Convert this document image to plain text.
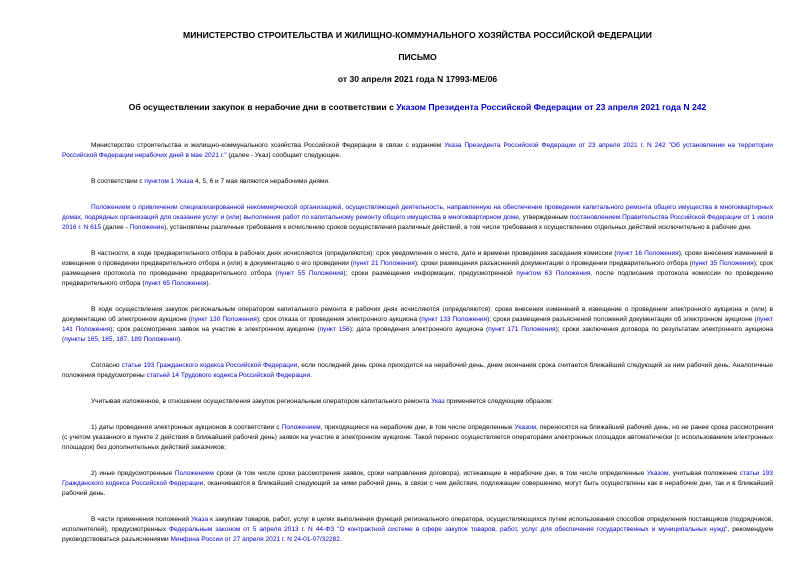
МИНИСТЕРСТВО СТРОИТЕЛЬСТВА И ЖИЛИЩНО-КОММУНАЛЬНОГО ХОЗЯЙСТВА РОССИЙСКОЙ ФЕДЕРАЦИИ

ПИСЬМО

от 30 апреля 2021 года N 17993-МЕ/06

Об осуществлении закупок в нерабочие дни в соответствии с Указом Президента Российской Федерации от 23 апреля 2021 года N 242

Министерство строительства и жилищно-коммунального хозяйства Российской Федерации в связи с изданием Указа Президента Российской Федерации от 23 апреля 2021 г. N 242 "Об установлении на территории Российской Федерации нерабочих дней в мае 2021 г." (далее - Указ) сообщает следующее.

В соответствии с пунктом 1 Указа 4, 5, 6 и 7 мая являются нерабочими днями.

Положением о привлечении специализированной некоммерческой организацией, осуществляющей деятельность, направленную на обеспечение проведения капитального ремонта общего имущества в многоквартирных домах, подрядных организаций для оказания услуг и (или) выполнения работ по капитальному ремонту общего имущества в многоквартирном доме, утвержденным постановлением Правительства Российской Федерации от 1 июля 2016 г. N 615 (далее - Положение), установлены различные требования к исчислению сроков осуществления различных действий, в том числе требования к осуществлению отдельных действий исключительно в рабочие дни.

В частности, в ходе предварительного отбора в рабочих днях исчисляются (определяются): срок уведомления о месте, дате и времени проведения заседания комиссии (пункт 16 Положения); сроки внесения изменений в извещение о проведении предварительного отбора и (или) в документацию о его проведении (пункт 21 Положения); сроки размещения разъяснений документации о проведении предварительного отбора (пункт 35 Положения); срок размещения протокола по проведению предварительного отбора (пункт 55 Положения); сроки размещения информации, предусмотренной пунктом 63 Положения, после подписания протокола комиссии по проведению предварительного отбора (пункт 65 Положения).

В ходе осуществления закупок региональным оператором капитального ремонта в рабочих днях исчисляются (определяются): сроки внесения изменений в извещение о проведении электронного аукциона и (или) в документацию об электронном аукционе (пункт 130 Положения); срок отказа от проведения электронного аукциона (пункт 133 Положения); сроки размещения разъяснений положений документации об электронном аукционе (пункт 141 Положения); срок рассмотрения заявок на участие в электронном аукционе (пункт 156); дата проведения электронного аукциона (пункт 171 Положения); сроки заключения договора по результатам электронного аукциона (пункты 165, 185, 187, 189 Положения).

Согласно статье 193 Гражданского кодекса Российской Федерации, если последний день срока приходится на нерабочий день, днем окончания срока считается ближайший следующий за ним рабочий день. Аналогичные положения предусмотрены статьей 14 Трудового кодекса Российской Федерации.

Учитывая изложенное, в отношении осуществления закупок региональным оператором капитального ремонта Указ применяется следующим образом:

1) даты проведения электронных аукционов в соответствии с Положением, приходящиеся на нерабочие дни, в том числе определенные Указом, переносятся на ближайший рабочий день, но не ранее срока рассмотрения (с учетом указанного в пункте 2 действия в ближайший рабочий день) заявок на участие в электронном аукционе. Такой перенос осуществляется операторами электронных площадок автоматически (с использованием электронных площадок) без дополнительных действий заказчиков;

2) иные предусмотренные Положением сроки (в том числе сроки рассмотрения заявок, сроки направления договора), истекающие в нерабочие дни, в том числе определенные Указом, учитывая положение статьи 193 Гражданского кодекса Российской Федерации, оканчиваются в ближайший следующий за ними рабочий день, в связи с чем действия, подлежащие совершению, могут быть осуществлены как в нерабочие дни, так и в ближайший рабочий день.

В части применения положений Указа к закупкам товаров, работ, услуг в целях выполнения функций регионального оператора, осуществляющихся путем использования способов определения поставщиков (подрядчиков, исполнителей), предусмотренных Федеральным законом от 5 апреля 2013 г. N 44-ФЗ "О контрактной системе в сфере закупок товаров, работ, услуг для обеспечения государственных и муниципальных нужд", рекомендуем руководствоваться разъяснениями Минфина России от 27 апреля 2021 г. N 24-01-07/32282.
